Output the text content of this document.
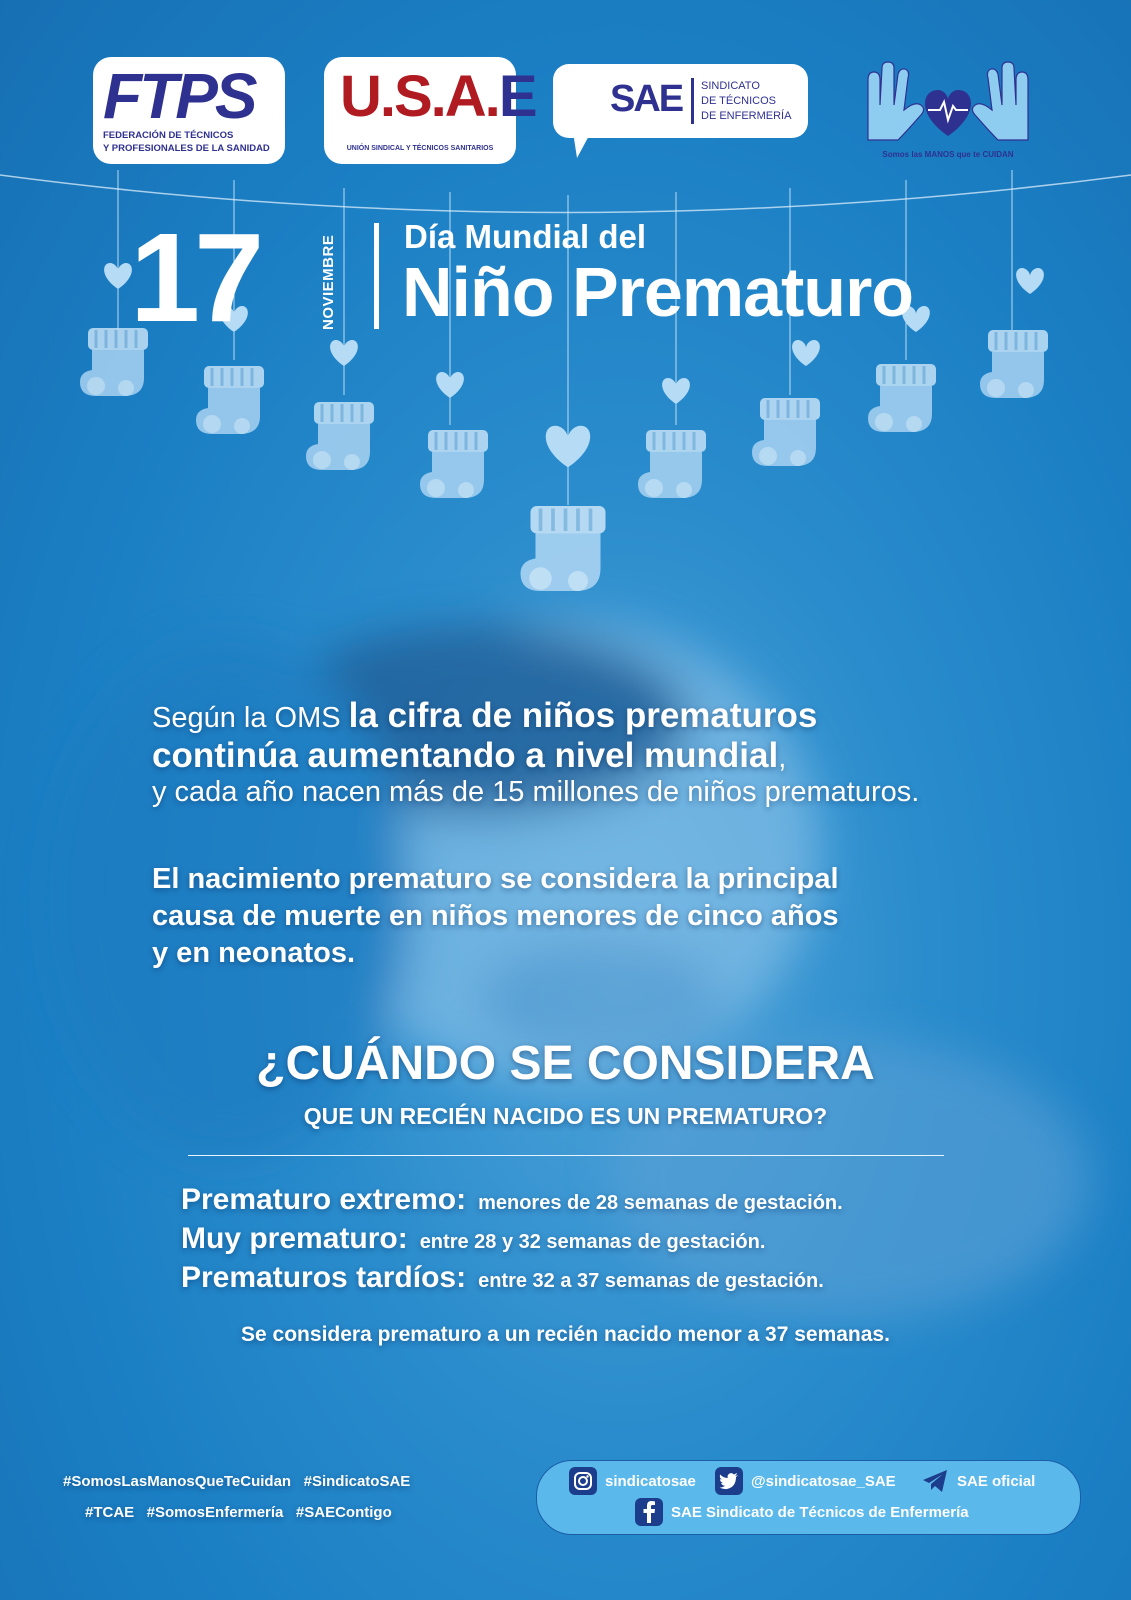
FTPS
FEDERACIÓN DE TÉCNICOS
Y PROFESIONALES DE LA SANIDAD
U.S.A.E
UNIÓN SINDICAL Y TÉCNICOS SANITARIOS
SAE SINDICATO
DE TÉCNICOS
DE ENFERMERÍA
Somos las MANOS que te CUIDAN
17	NOVIEMBRE Día Mundial del
Niño Prematuro
Según la OMS la cifra de niños prematuros
continúa aumentando a nivel mundial,
y cada año nacen más de 15 millones de niños prematuros.
El nacimiento prematuro se considera la principal
causa de muerte en niños menores de cinco años
y en neonatos.
¿CUÁNDO SE CONSIDERA
QUE UN RECIÉN NACIDO ES UN PREMATURO?
Prematuro extremo: menores de 28 semanas de gestación.
Muy prematuro: entre 28 y 32 semanas de gestación.
Prematuros tardíos: entre 32 a 37 semanas de gestación.
Se considera prematuro a un recién nacido menor a 37 semanas.
#SomosLasManosQueTeCuidan   #SindicatoSAE
#TCAE   #SomosEnfermería   #SAEContigo
sindicatosae	@sindicatosae_SAE	SAE oficial
SAE Sindicato de Técnicos de Enfermería
